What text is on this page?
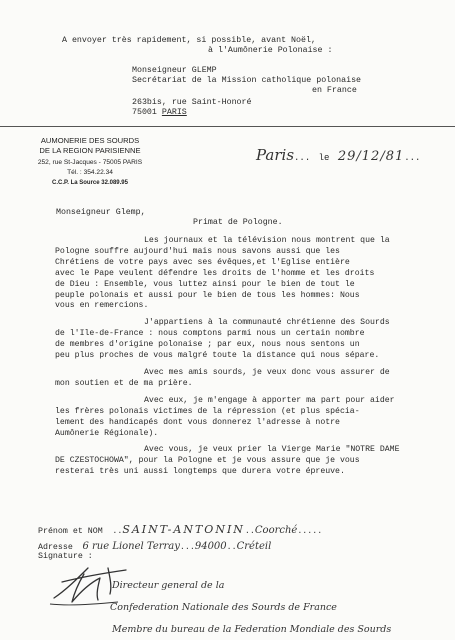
A envoyer très rapidement, si possible, avant Noël,
à l'Aumônerie Polonaise :
Monseigneur GLEMP
Secrétariat de la Mission catholique polonaise
en France
263bis, rue Saint-Honoré
75001 PARIS
AUMONERIE DES SOURDS
DE LA REGION PARISIENNE
252, rue St-Jacques - 75005 PARIS
Tél. : 354.22.34
C.C.P. La Source 32.089.95
Paris... le 29/12/81...
Monseigneur Glemp,
Primat de Pologne.

Les journaux et la télévision nous montrent que la
Pologne souffre aujourd'hui mais nous savons aussi que les
Chrétiens de votre pays avec ses évêques,et l'Eglise entière
avec le Pape veulent défendre les droits de l'homme et les droits
de Dieu : Ensemble, vous luttez ainsi pour le bien de tout le
peuple polonais et aussi pour le bien de tous les hommes: Nous
vous en remercions.

J'appartiens à la communauté chrétienne des Sourds
de l'Ile-de-France : nous comptons parmi nous un certain nombre
de membres d'origine polonaise ; par eux, nous nous sentons un
peu plus proches de vous malgré toute la distance qui nous sépare.

Avec mes amis sourds, je veux donc vous assurer de
mon soutien et de ma prière.

Avec eux, je m'engage à apporter ma part pour aider
les frères polonais victimes de la répression (et plus spécia-
lement des handicapés dont vous donnerez l'adresse à notre
Aumônerie Régionale).

Avec vous, je veux prier la Vierge Marie "NOTRE DAME
DE CZESTOCHOWA", pour la Pologne et je vous assure que je vous
resterai très uni aussi longtemps que durera votre épreuve.

Prénom et NOM ..SAINT-ANTONIN..Coorché.....
Adresse 6 rue Lionel Terray...94000..Créteil
Signature :
Directeur general de la
Confederation Nationale des Sourds de France
Membre du bureau de la Federation Mondiale des Sourds
